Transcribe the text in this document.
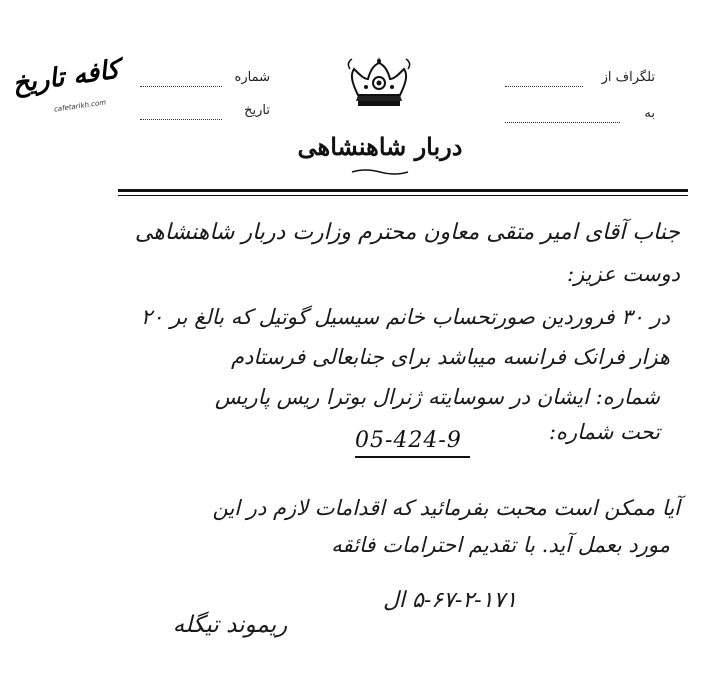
کافه تاریخ
cafetarikh.com
شماره
تاریخ
تلگراف از
به
دربار شاهنشاهی
جناب آقای امیر متقی معاون محترم وزارت دربار شاهنشاهی
دوست عزیز:
در ۳۰ فروردین صورتحساب خانم سیسیل گوتیل که بالغ بر ۲۰
هزار فرانک فرانسه میباشد برای جنابعالی فرستادم
شماره: ایشان در سوسایته ژنرال بوترا ریس پاریس
تحت شماره:
05-424-9
آیا ممکن است محبت بفرمائید که اقدامات لازم در این
مورد بعمل آید. با تقدیم احترامات فائقه
۵-۶۷-۲-۱۷۱ ال
ریموند تیگله
